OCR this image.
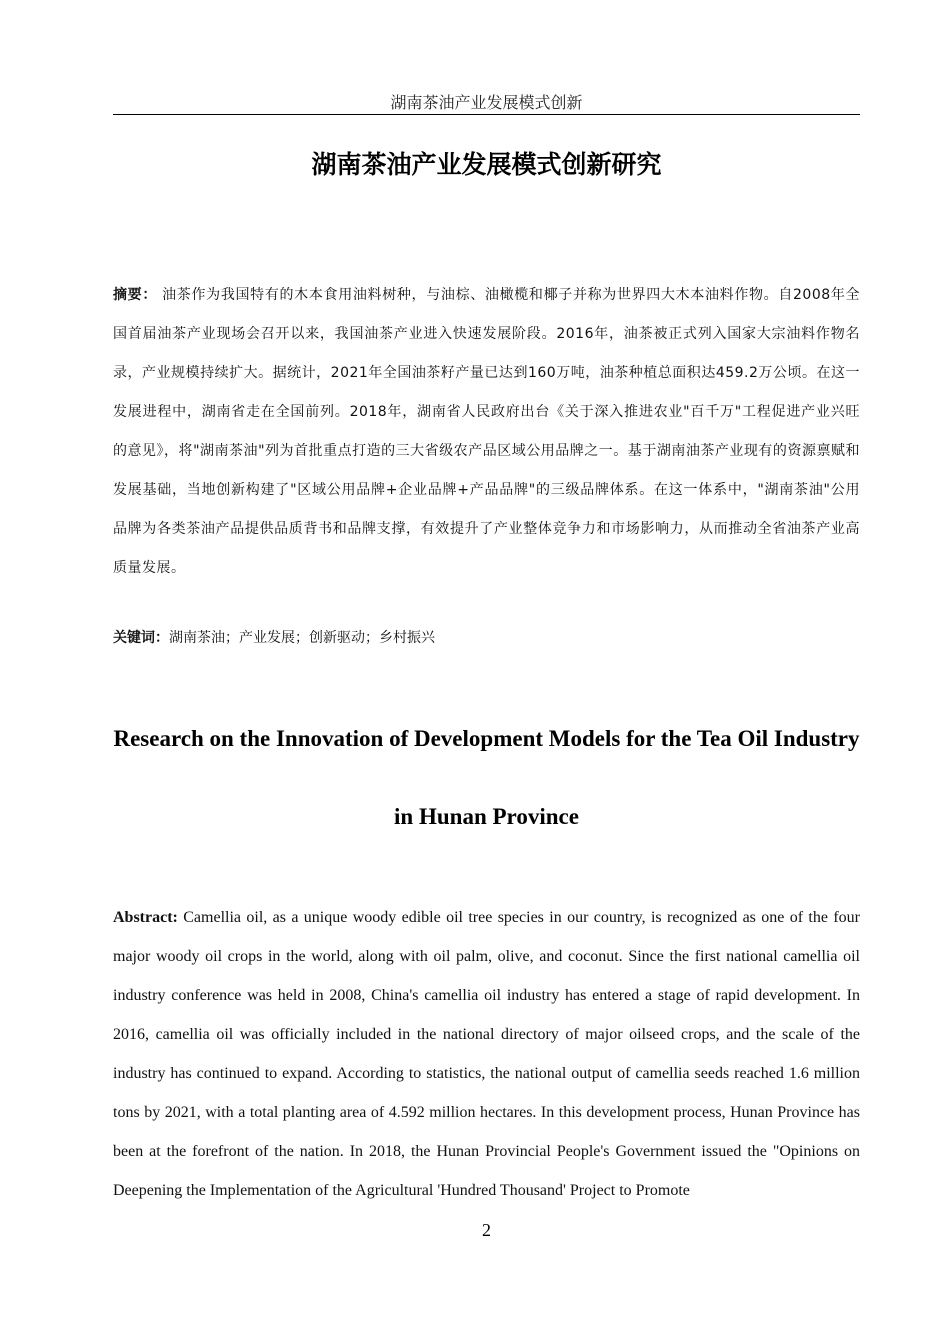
湖南茶油产业发展模式创新
湖南茶油产业发展模式创新研究

摘要： 油茶作为我国特有的木本食用油料树种，与油棕、油橄榄和椰子并称为世界四大木本油料作物。自2008年全国首届油茶产业现场会召开以来，我国油茶产业进入快速发展阶段。2016年，油茶被正式列入国家大宗油料作物名录，产业规模持续扩大。据统计，2021年全国油茶籽产量已达到160万吨，油茶种植总面积达459.2万公顷。在这一发展进程中，湖南省走在全国前列。2018年，湖南省人民政府出台《关于深入推进农业"百千万"工程促进产业兴旺的意见》，将"湖南茶油"列为首批重点打造的三大省级农产品区域公用品牌之一。基于湖南油茶产业现有的资源禀赋和发展基础，当地创新构建了"区域公用品牌+企业品牌+产品品牌"的三级品牌体系。在这一体系中，"湖南茶油"公用品牌为各类茶油产品提供品质背书和品牌支撑，有效提升了产业整体竞争力和市场影响力，从而推动全省油茶产业高质量发展。

关键词：湖南茶油；产业发展；创新驱动；乡村振兴

Research on the Innovation of Development Models for the Tea Oil Industry in Hunan Province

Abstract: Camellia oil, as a unique woody edible oil tree species in our country, is recognized as one of the four major woody oil crops in the world, along with oil palm, olive, and coconut. Since the first national camellia oil industry conference was held in 2008, China's camellia oil industry has entered a stage of rapid development. In 2016, camellia oil was officially included in the national directory of major oilseed crops, and the scale of the industry has continued to expand. According to statistics, the national output of camellia seeds reached 1.6 million tons by 2021, with a total planting area of 4.592 million hectares. In this development process, Hunan Province has been at the forefront of the nation. In 2018, the Hunan Provincial People's Government issued the "Opinions on Deepening the Implementation of the Agricultural 'Hundred Thousand' Project to Promote

2
